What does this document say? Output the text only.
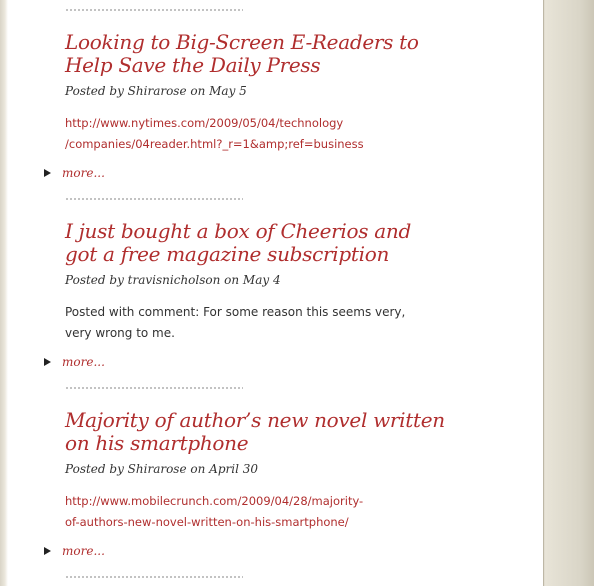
Looking to Big-Screen E-Readers to Help Save the Daily Press

Posted by Shirarose on May 5

http://www.nytimes.com/2009/05/04/technology

/companies/04reader.html?_r=1&amp;ref=business

more...
I just bought a box of Cheerios and got a free magazine subscription

Posted by travisnicholson on May 4

Posted with comment: For some reason this seems very, very wrong to me.

more...
Majority of author’s new novel written on his smartphone

Posted by Shirarose on April 30

http://www.mobilecrunch.com/2009/04/28/majority-

of-authors-new-novel-written-on-his-smartphone/

more...
